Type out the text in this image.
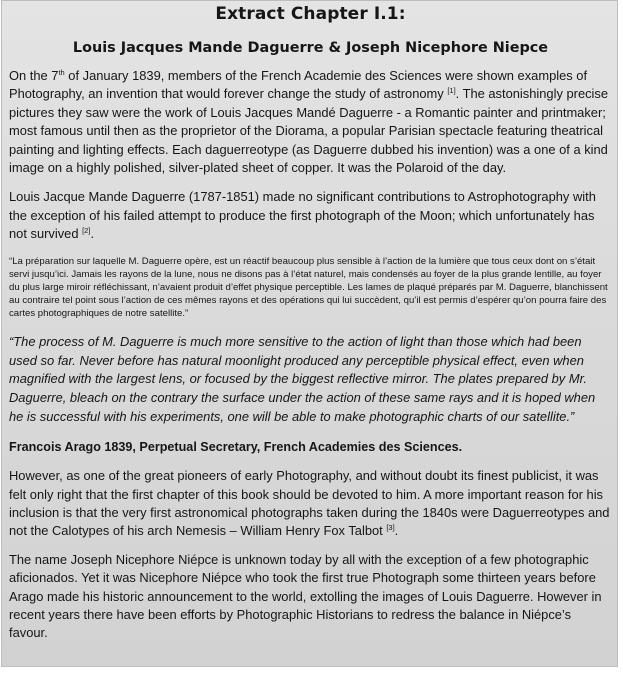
Extract Chapter I.1:
Louis Jacques Mande Daguerre & Joseph Nicephore Niepce

On the 7th of January 1839, members of the French Academie des Sciences were shown examples of Photography, an invention that would forever change the study of astronomy [1]. The astonishingly precise pictures they saw were the work of Louis Jacques Mandé Daguerre - a Romantic painter and printmaker; most famous until then as the proprietor of the Diorama, a popular Parisian spectacle featuring theatrical painting and lighting effects. Each daguerreotype (as Daguerre dubbed his invention) was a one of a kind image on a highly polished, silver-plated sheet of copper. It was the Polaroid of the day.

Louis Jacque Mande Daguerre (1787-1851) made no significant contributions to Astrophotography with the exception of his failed attempt to produce the first photograph of the Moon; which unfortunately has not survived [2].

“La préparation sur laquelle M. Daguerre opère, est un réactif beaucoup plus sensible à l’action de la lumière que tous ceux dont on s’était servi jusqu’ici. Jamais les rayons de la lune, nous ne disons pas à l’état naturel, mais condensés au foyer de la plus grande lentille, au foyer du plus large miroir réfléchissant, n’avaient produit d’effet physique perceptible. Les lames de plaqué préparés par M. Daguerre, blanchissent au contraire tel point sous l’action de ces mêmes rayons et des opérations qui lui succèdent, qu’il est permis d’espérer qu’on pourra faire des cartes photographiques de notre satellite.”

“The process of M. Daguerre is much more sensitive to the action of light than those which had been used so far. Never before has natural moonlight produced any perceptible physical effect, even when magnified with the largest lens, or focused by the biggest reflective mirror. The plates prepared by Mr. Daguerre, bleach on the contrary the surface under the action of these same rays and it is hoped when he is successful with his experiments, one will be able to make photographic charts of our satellite.”

Francois Arago 1839, Perpetual Secretary, French Academies des Sciences.

However, as one of the great pioneers of early Photography, and without doubt its finest publicist, it was felt only right that the first chapter of this book should be devoted to him. A more important reason for his inclusion is that the very first astronomical photographs taken during the 1840s were Daguerreotypes and not the Calotypes of his arch Nemesis – William Henry Fox Talbot [3].

The name Joseph Nicephore Niépce is unknown today by all with the exception of a few photographic aficionados. Yet it was Nicephore Niépce who took the first true Photograph some thirteen years before Arago made his historic announcement to the world, extolling the images of Louis Daguerre. However in recent years there have been efforts by Photographic Historians to redress the balance in Niépce’s favour.
